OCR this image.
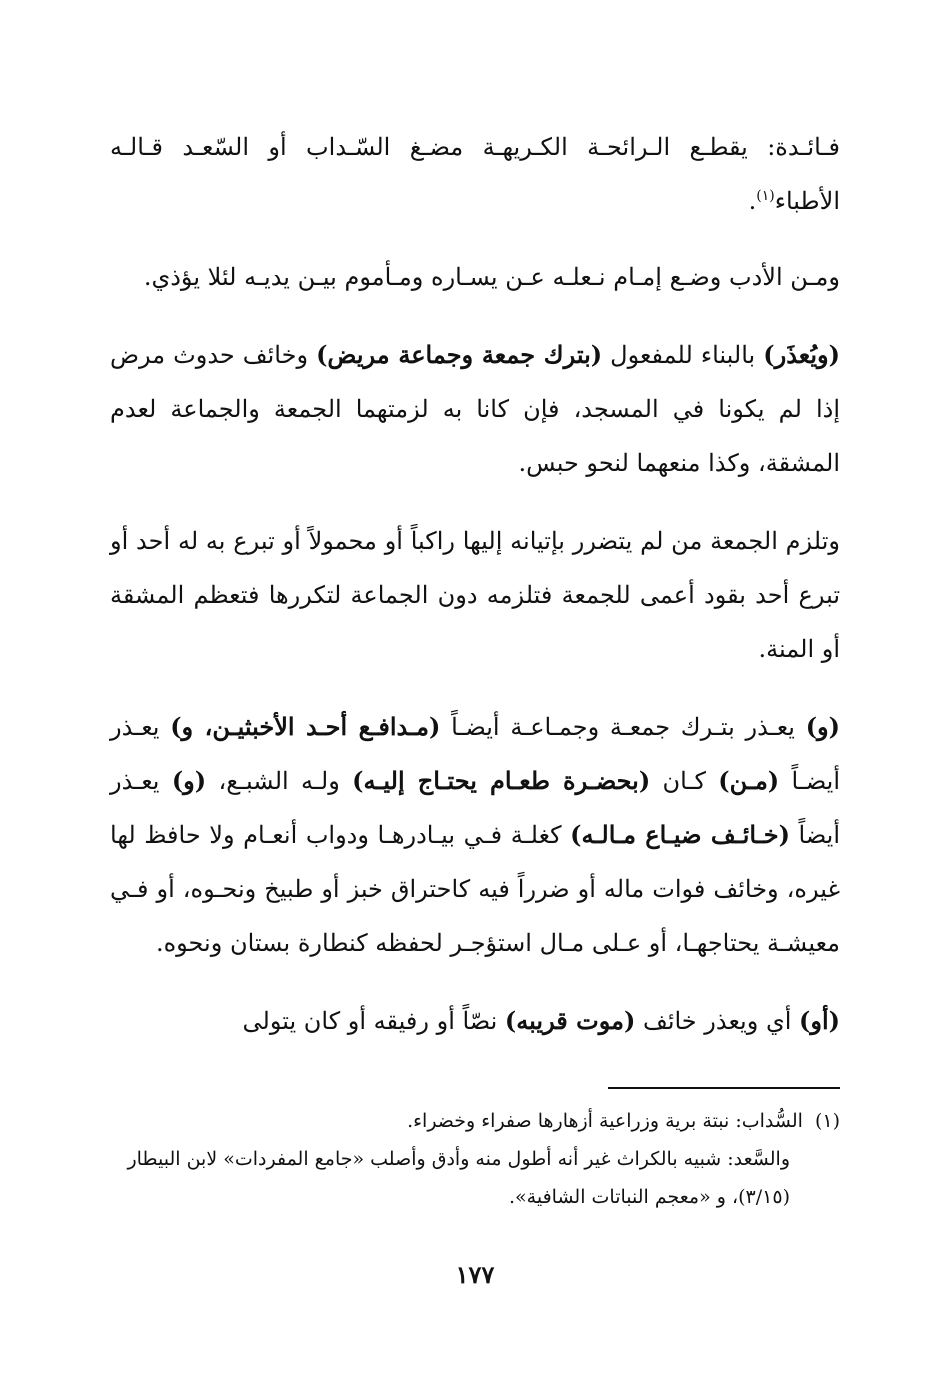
فـائـدة: يقطـع الـرائحـة الكـريهـة مضـغ السّـداب أو السّعـد قـالـه الأطباء$^{(١)}$.

ومـن الأدب وضـع إمـام نـعلـه عـن يسـاره ومـأموم بيـن يديـه لئلا يؤذي.

(ويُعذَر) بالبناء للمفعول (بترك جمعة وجماعة مريض) وخائف حدوث مرض إذا لم يكونا في المسجد، فإن كانا به لزمتهما الجمعة والجماعة لعدم المشقة، وكذا منعهما لنحو حبس.

وتلزم الجمعة من لم يتضرر بإتيانه إليها راكباً أو محمولاً أو تبرع به له أحد أو تبرع أحد بقود أعمى للجمعة فتلزمه دون الجماعة لتكررها فتعظم المشقة أو المنة.

(و) يعـذر بتـرك جمعـة وجمـاعـة أيضـاً (مـدافـع أحـد الأخبثيـن، و) يعـذر أيضـاً (مـن) كـان (بحضـرة طعـام يحتـاج إليـه) ولـه الشبـع، (و) يعـذر أيضاً (خـائـف ضيـاع مـالـه) كغلـة فـي بيـادرهـا ودواب أنعـام ولا حافظ لها غيره، وخائف فوات ماله أو ضرراً فيه كاحتراق خبز أو طبيخ ونحـوه، أو فـي معيشـة يحتاجهـا، أو عـلى مـال استؤجـر لحفظه كنطارة بستان ونحوه.

(أو) أي ويعذر خائف (موت قريبه) نصّاً أو رفيقه أو كان يتولى

(١)السُّداب: نبتة برية وزراعية أزهارها صفراء وخضراء.

والسَّعد: شبيه بالكراث غير أنه أطول منه وأدق وأصلب «جامع المفردات» لابن البيطار (٣/١٥)، و «معجم النباتات الشافية».

١٧٧
